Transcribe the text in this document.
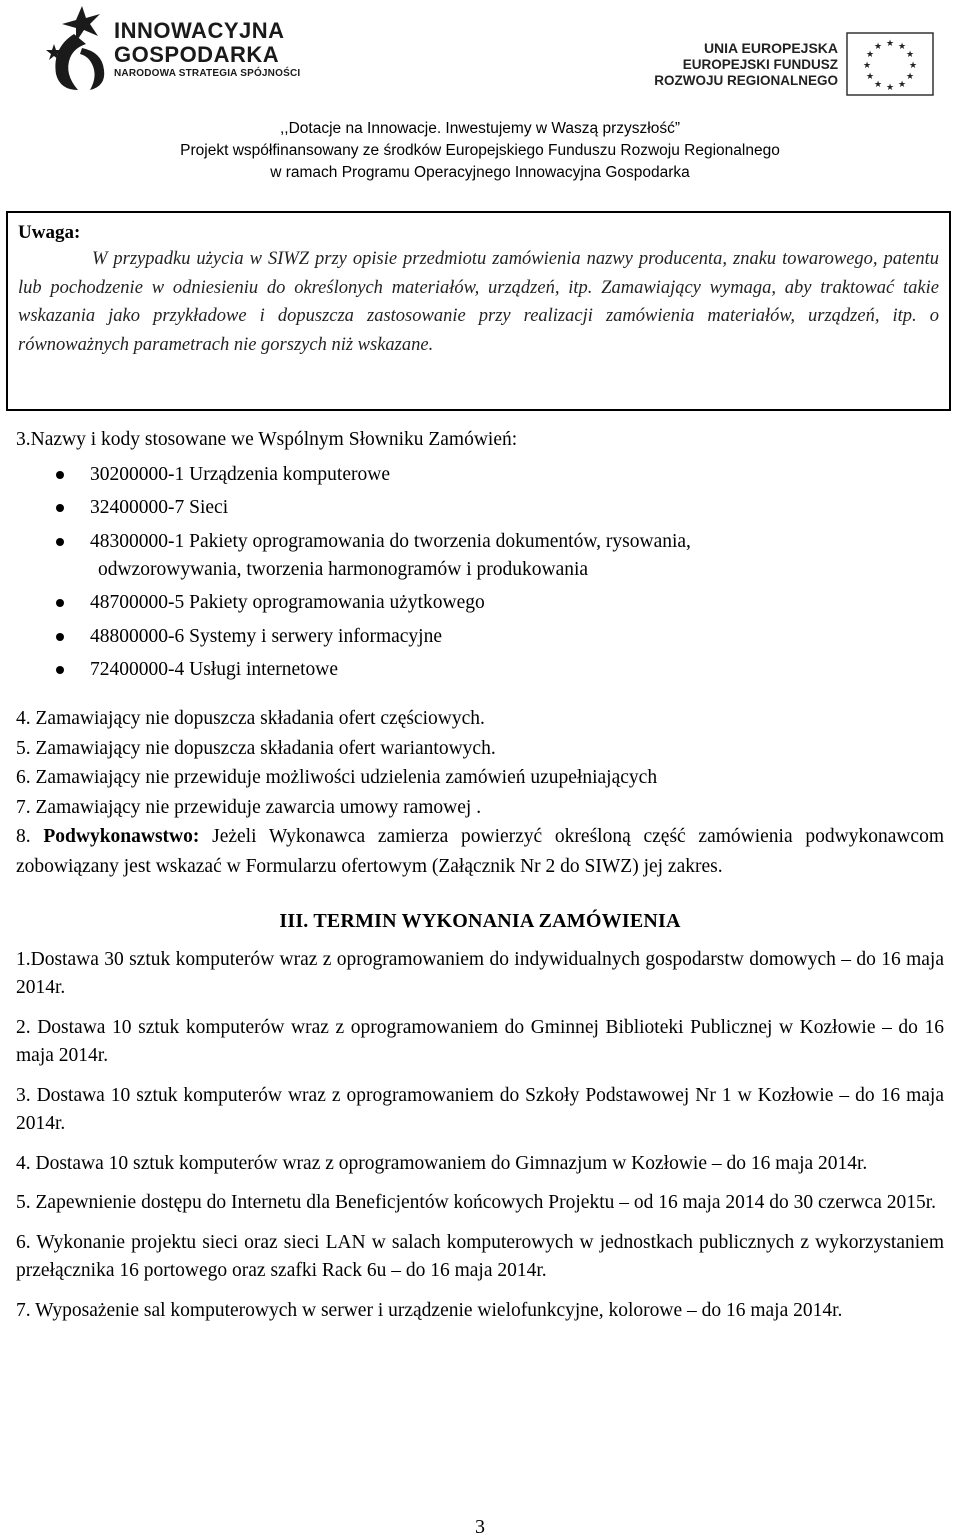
INNOWACYJNA
GOSPODARKA
NARODOWA STRATEGIA SPÓJNOŚCI
UNIA EUROPEJSKA
EUROPEJSKI FUNDUSZ
ROZWOJU REGIONALNEGO
★ ★
★
★
★
★
★
★
★
★
★
★
,,Dotacje na Innowacje. Inwestujemy w Waszą przyszłość”
Projekt współfinansowany ze środków Europejskiego Funduszu Rozwoju Regionalnego
w ramach Programu Operacyjnego Innowacyjna Gospodarka
Uwaga:
W przypadku użycia w SIWZ przy opisie przedmiotu zamówienia nazwy producenta, znaku towarowego, patentu lub pochodzenie w odniesieniu do określonych materiałów, urządzeń, itp. Zamawiający wymaga, aby traktować takie wskazania jako przykładowe i dopuszcza zastosowanie przy realizacji zamówienia materiałów, urządzeń, itp. o równoważnych parametrach nie gorszych niż wskazane.

3.Nazwy i kody stosowane we Wspólnym Słowniku Zamówień:

30200000-1 Urządzenia komputerowe
32400000-7 Sieci
48300000-1 Pakiety oprogramowania do tworzenia dokumentów, rysowania,
odwzorowywania, tworzenia harmonogramów i produkowania
48700000-5 Pakiety oprogramowania użytkowego
48800000-6 Systemy i serwery informacyjne
72400000-4 Usługi internetowe

4. Zamawiający nie dopuszcza składania ofert częściowych.

5. Zamawiający nie dopuszcza składania ofert wariantowych.

6. Zamawiający nie przewiduje możliwości udzielenia zamówień uzupełniających

7. Zamawiający nie przewiduje zawarcia umowy ramowej .

8. Podwykonawstwo: Jeżeli Wykonawca zamierza powierzyć określoną część zamówienia podwykonawcom zobowiązany jest wskazać w Formularzu ofertowym (Załącznik Nr 2 do SIWZ) jej zakres.

III. TERMIN WYKONANIA ZAMÓWIENIA

1.Dostawa 30 sztuk komputerów wraz z oprogramowaniem do indywidualnych gospodarstw domowych – do 16 maja 2014r.

2. Dostawa 10 sztuk komputerów wraz z oprogramowaniem do Gminnej Biblioteki Publicznej w Kozłowie – do 16 maja 2014r.

3. Dostawa 10 sztuk komputerów wraz z oprogramowaniem do Szkoły Podstawowej Nr 1 w Kozłowie – do 16 maja 2014r.

4. Dostawa 10 sztuk komputerów wraz z oprogramowaniem do Gimnazjum w Kozłowie – do 16 maja 2014r.

5. Zapewnienie dostępu do Internetu dla Beneficjentów końcowych Projektu – od 16 maja 2014 do 30 czerwca 2015r.

6. Wykonanie projektu sieci oraz sieci LAN w salach komputerowych w jednostkach publicznych z wykorzystaniem przełącznika 16 portowego oraz szafki Rack 6u – do 16 maja 2014r.

7. Wyposażenie sal komputerowych w serwer i urządzenie wielofunkcyjne, kolorowe – do 16 maja 2014r.

3
